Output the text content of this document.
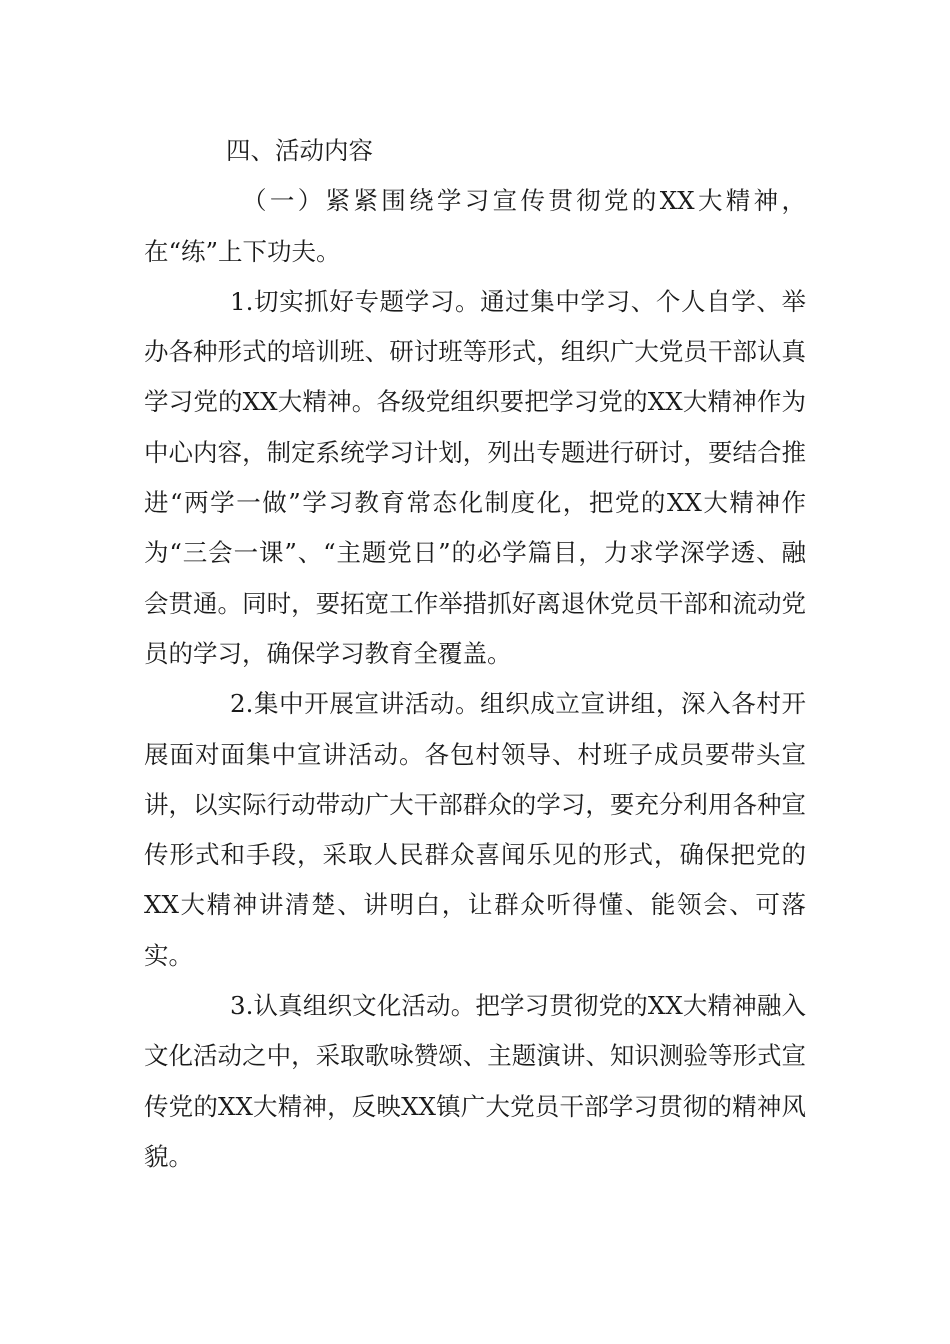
四、活动内容

（一）紧紧围绕学习宣传贯彻党的XX大精神，在“练”上下功夫。

1.切实抓好专题学习。通过集中学习、个人自学、举办各种形式的培训班、研讨班等形式，组织广大党员干部认真学习党的XX大精神。各级党组织要把学习党的XX大精神作为中心内容，制定系统学习计划，列出专题进行研讨，要结合推进“两学一做”学习教育常态化制度化，把党的XX大精神作为“三会一课”、“主题党日”的必学篇目，力求学深学透、融会贯通。同时，要拓宽工作举措抓好离退休党员干部和流动党员的学习，确保学习教育全覆盖。

2.集中开展宣讲活动。组织成立宣讲组，深入各村开展面对面集中宣讲活动。各包村领导、村班子成员要带头宣讲，以实际行动带动广大干部群众的学习，要充分利用各种宣传形式和手段，采取人民群众喜闻乐见的形式，确保把党的XX大精神讲清楚、讲明白，让群众听得懂、能领会、可落实。

3.认真组织文化活动。把学习贯彻党的XX大精神融入文化活动之中，采取歌咏赞颂、主题演讲、知识测验等形式宣传党的XX大精神，反映XX镇广大党员干部学习贯彻的精神风貌。
